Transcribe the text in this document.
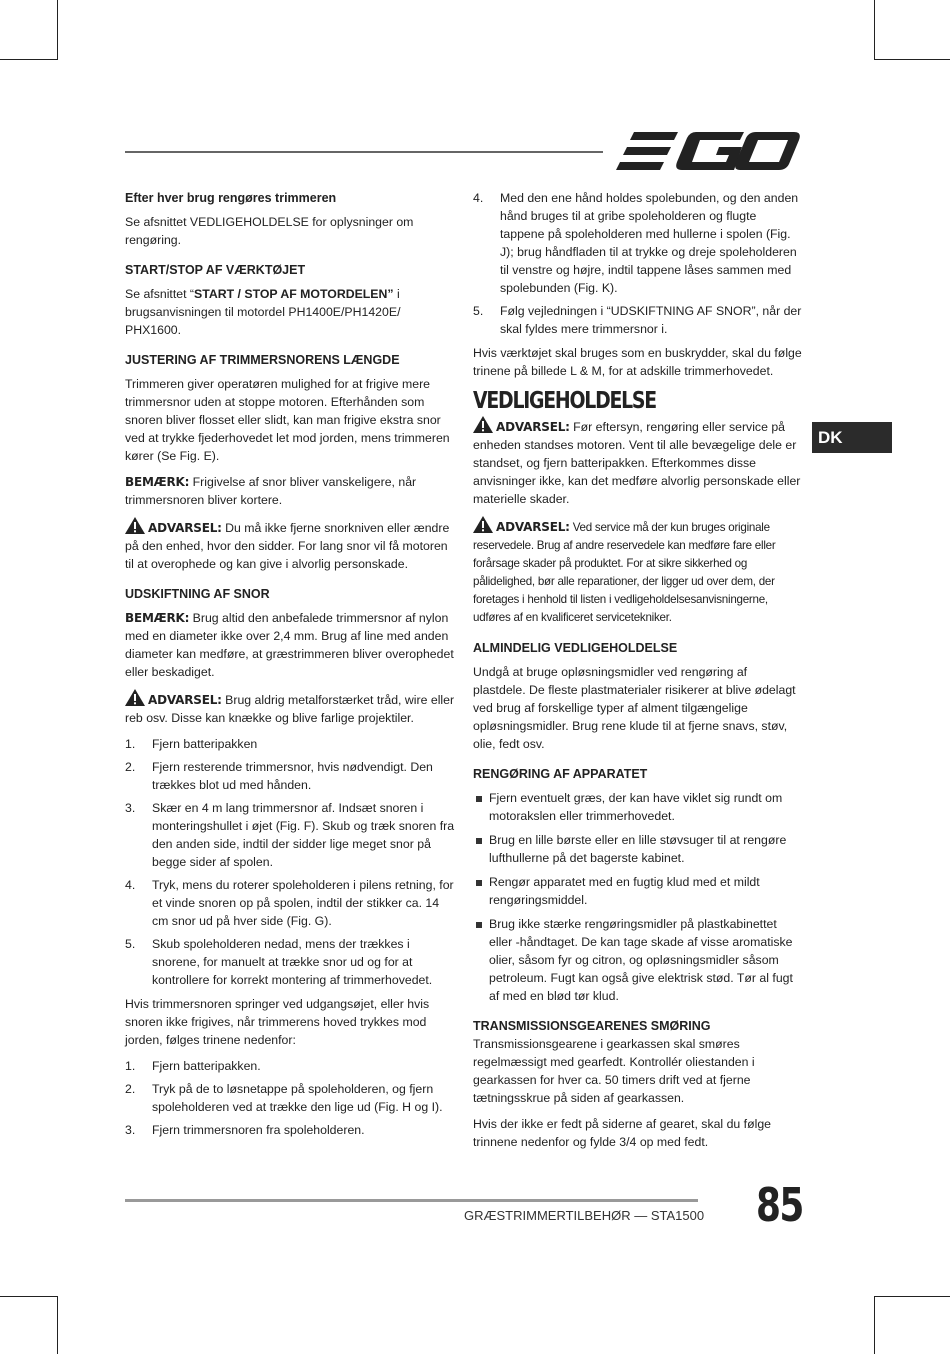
DK
Efter hver brug rengøres trimmeren
Se afsnittet VEDLIGEHOLDELSE for oplysninger om rengøring.
START/STOP AF VÆRKTØJET
Se afsnittet “START / STOP AF MOTORDELEN” i brugsanvisningen til motordel PH1400E/PH1420E/ PHX1600.
JUSTERING AF TRIMMERSNORENS LÆNGDE
Trimmeren giver operatøren mulighed for at frigive mere trimmersnor uden at stoppe motoren. Efterhånden som snoren bliver flosset eller slidt, kan man frigive ekstra snor ved at trykke fjederhovedet let mod jorden, mens trimmeren kører (Se Fig. E).
BEMÆRK: Frigivelse af snor bliver vanskeligere, når trimmersnoren bliver kortere.
ADVARSEL: Du må ikke fjerne snorkniven eller ændre på den enhed, hvor den sidder. For lang snor vil få motoren til at overophede og kan give i alvorlig personskade.
UDSKIFTNING AF SNOR
BEMÆRK: Brug altid den anbefalede trimmersnor af nylon med en diameter ikke over 2,4 mm. Brug af line med anden diameter kan medføre, at græstrimmeren bliver overophedet eller beskadiget.
ADVARSEL: Brug aldrig metalforstærket tråd, wire eller reb osv. Disse kan knække og blive farlige projektiler.
1. Fjern batteripakken
2. Fjern resterende trimmersnor, hvis nødvendigt. Den trækkes blot ud med hånden.
3. Skær en 4 m lang trimmersnor af. Indsæt snoren i monteringshullet i øjet (Fig. F). Skub og træk snoren fra den anden side, indtil der sidder lige meget snor på begge sider af spolen.
4. Tryk, mens du roterer spoleholderen i pilens retning, for et vinde snoren op på spolen, indtil der stikker ca. 14 cm snor ud på hver side (Fig. G).
5. Skub spoleholderen nedad, mens der trækkes i snorene, for manuelt at trække snor ud og for at kontrollere for korrekt montering af trimmerhovedet.
Hvis trimmersnoren springer ved udgangsøjet, eller hvis snoren ikke frigives, når trimmerens hoved trykkes mod jorden, følges trinene nedenfor:
1. Fjern batteripakken.
2. Tryk på de to løsnetappe på spoleholderen, og fjern spoleholderen ved at trække den lige ud (Fig. H og I).
3. Fjern trimmersnoren fra spoleholderen.
4. Med den ene hånd holdes spolebunden, og den anden hånd bruges til at gribe spoleholderen og flugte tappene på spoleholderen med hullerne i spolen (Fig. J); brug håndfladen til at trykke og dreje spoleholderen til venstre og højre, indtil tappene låses sammen med spolebunden (Fig. K).
5. Følg vejledningen i “UDSKIFTNING AF SNOR”, når der skal fyldes mere trimmersnor i.
Hvis værktøjet skal bruges som en buskrydder, skal du følge trinene på billede L & M, for at adskille trimmerhovedet.
VEDLIGEHOLDELSE
ADVARSEL: Før eftersyn, rengøring eller service på enheden standses motoren. Vent til alle bevægelige dele er standset, og fjern batteripakken. Efterkommes disse anvisninger ikke, kan det medføre alvorlig personskade eller materielle skader.
ADVARSEL: Ved service må der kun bruges originale reservedele. Brug af andre reservedele kan medføre fare eller forårsage skader på produktet. For at sikre sikkerhed og pålidelighed, bør alle reparationer, der ligger ud over dem, der foretages i henhold til listen i vedligeholdelsesanvisningerne, udføres af en kvalificeret servicetekniker.
ALMINDELIG VEDLIGEHOLDELSE
Undgå at bruge opløsningsmidler ved rengøring af plastdele. De fleste plastmaterialer risikerer at blive ødelagt ved brug af forskellige typer af alment tilgængelige opløsningsmidler. Brug rene klude til at fjerne snavs, støv, olie, fedt osv.
RENGØRING AF APPARATET
Fjern eventuelt græs, der kan have viklet sig rundt om motorakslen eller trimmerhovedet.
Brug en lille børste eller en lille støvsuger til at rengøre lufthullerne på det bagerste kabinet.
Rengør apparatet med en fugtig klud med et mildt rengøringsmiddel.
Brug ikke stærke rengøringsmidler på plastkabinettet eller -håndtaget. De kan tage skade af visse aromatiske olier, såsom fyr og citron, og opløsningsmidler såsom petroleum. Fugt kan også give elektrisk stød. Tør al fugt af med en blød tør klud.
TRANSMISSIONSGEARENES SMØRING
Transmissionsgearene i gearkassen skal smøres regelmæssigt med gearfedt. Kontrollér oliestanden i gearkassen for hver ca. 50 timers drift ved at fjerne tætningsskrue på siden af gearkassen.
Hvis der ikke er fedt på siderne af gearet, skal du følge trinnene nedenfor og fylde 3/4 op med fedt.
GRÆSTRIMMERTILBEHØR — STA1500 85
